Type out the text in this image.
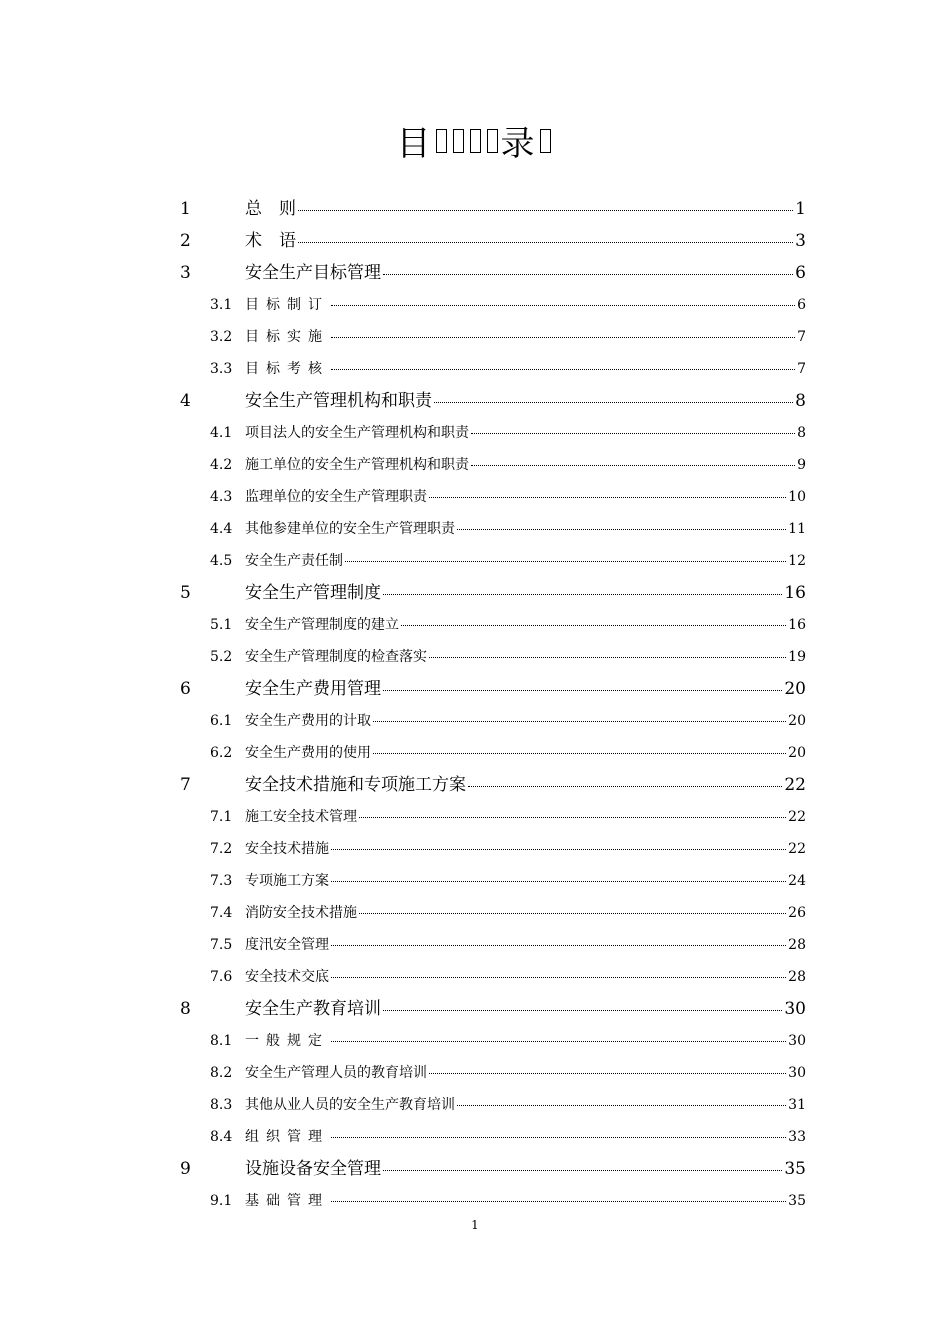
目 录
1	总　则	1
2	术　语	3
3	安全生产目标管理	6
3.1 目标制订	6
3.2 目标实施	7
3.3 目标考核	7
4	安全生产管理机构和职责	8
4.1 项目法人的安全生产管理机构和职责	8
4.2 施工单位的安全生产管理机构和职责	9
4.3 监理单位的安全生产管理职责	10
4.4 其他参建单位的安全生产管理职责	11
4.5 安全生产责任制	12
5	安全生产管理制度	16
5.1 安全生产管理制度的建立	16
5.2 安全生产管理制度的检查落实	19
6	安全生产费用管理	20
6.1 安全生产费用的计取	20
6.2 安全生产费用的使用	20
7	安全技术措施和专项施工方案	22
7.1 施工安全技术管理	22
7.2 安全技术措施	22
7.3 专项施工方案	24
7.4 消防安全技术措施	26
7.5 度汛安全管理	28
7.6 安全技术交底	28
8	安全生产教育培训	30
8.1 一般规定	30
8.2 安全生产管理人员的教育培训	30
8.3 其他从业人员的安全生产教育培训	31
8.4 组织管理	33
9	设施设备安全管理	35
9.1 基础管理	35
1
